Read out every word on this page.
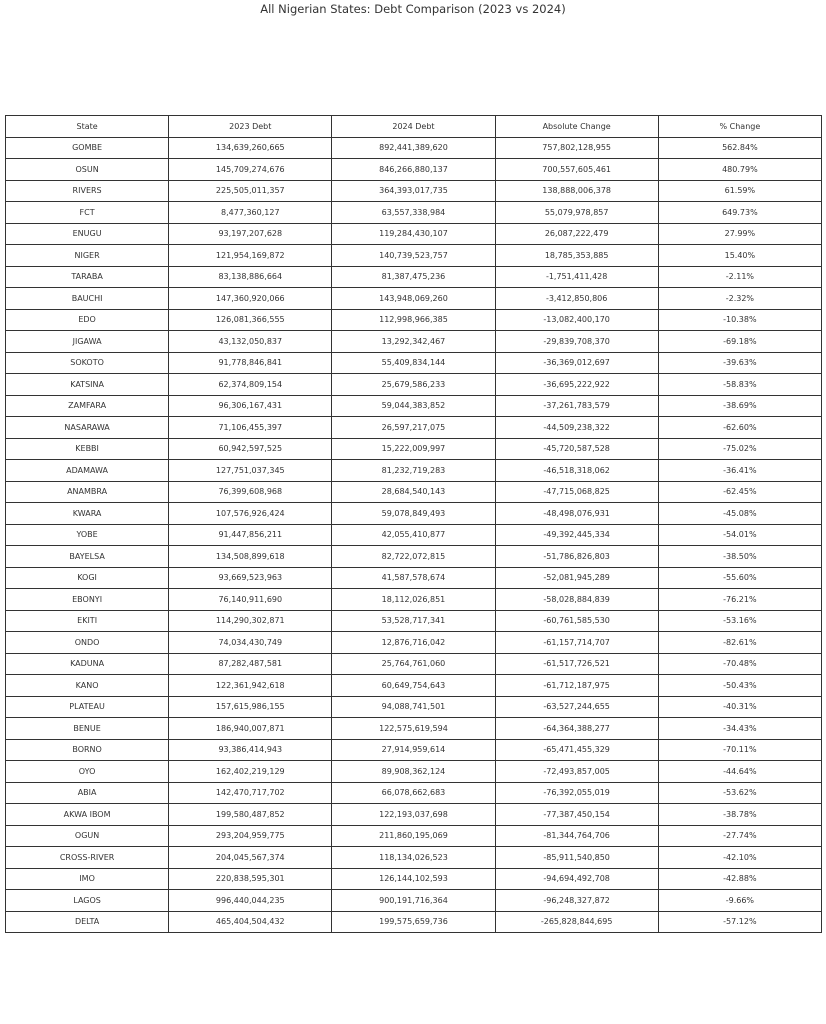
All Nigerian States: Debt Comparison (2023 vs 2024)
State	2023 Debt	2024 Debt	Absolute Change	% Change
GOMBE	134,639,260,665	892,441,389,620	757,802,128,955	562.84%
OSUN	145,709,274,676	846,266,880,137	700,557,605,461	480.79%
RIVERS	225,505,011,357	364,393,017,735	138,888,006,378	61.59%
FCT	8,477,360,127	63,557,338,984	55,079,978,857	649.73%
ENUGU	93,197,207,628	119,284,430,107	26,087,222,479	27.99%
NIGER	121,954,169,872	140,739,523,757	18,785,353,885	15.40%
TARABA	83,138,886,664	81,387,475,236	-1,751,411,428	-2.11%
BAUCHI	147,360,920,066	143,948,069,260	-3,412,850,806	-2.32%
EDO	126,081,366,555	112,998,966,385	-13,082,400,170	-10.38%
JIGAWA	43,132,050,837	13,292,342,467	-29,839,708,370	-69.18%
SOKOTO	91,778,846,841	55,409,834,144	-36,369,012,697	-39.63%
KATSINA	62,374,809,154	25,679,586,233	-36,695,222,922	-58.83%
ZAMFARA	96,306,167,431	59,044,383,852	-37,261,783,579	-38.69%
NASARAWA	71,106,455,397	26,597,217,075	-44,509,238,322	-62.60%
KEBBI	60,942,597,525	15,222,009,997	-45,720,587,528	-75.02%
ADAMAWA	127,751,037,345	81,232,719,283	-46,518,318,062	-36.41%
ANAMBRA	76,399,608,968	28,684,540,143	-47,715,068,825	-62.45%
KWARA	107,576,926,424	59,078,849,493	-48,498,076,931	-45.08%
YOBE	91,447,856,211	42,055,410,877	-49,392,445,334	-54.01%
BAYELSA	134,508,899,618	82,722,072,815	-51,786,826,803	-38.50%
KOGI	93,669,523,963	41,587,578,674	-52,081,945,289	-55.60%
EBONYI	76,140,911,690	18,112,026,851	-58,028,884,839	-76.21%
EKITI	114,290,302,871	53,528,717,341	-60,761,585,530	-53.16%
ONDO	74,034,430,749	12,876,716,042	-61,157,714,707	-82.61%
KADUNA	87,282,487,581	25,764,761,060	-61,517,726,521	-70.48%
KANO	122,361,942,618	60,649,754,643	-61,712,187,975	-50.43%
PLATEAU	157,615,986,155	94,088,741,501	-63,527,244,655	-40.31%
BENUE	186,940,007,871	122,575,619,594	-64,364,388,277	-34.43%
BORNO	93,386,414,943	27,914,959,614	-65,471,455,329	-70.11%
OYO	162,402,219,129	89,908,362,124	-72,493,857,005	-44.64%
ABIA	142,470,717,702	66,078,662,683	-76,392,055,019	-53.62%
AKWA IBOM	199,580,487,852	122,193,037,698	-77,387,450,154	-38.78%
OGUN	293,204,959,775	211,860,195,069	-81,344,764,706	-27.74%
CROSS-RIVER	204,045,567,374	118,134,026,523	-85,911,540,850	-42.10%
IMO	220,838,595,301	126,144,102,593	-94,694,492,708	-42.88%
LAGOS	996,440,044,235	900,191,716,364	-96,248,327,872	-9.66%
DELTA	465,404,504,432	199,575,659,736	-265,828,844,695	-57.12%
